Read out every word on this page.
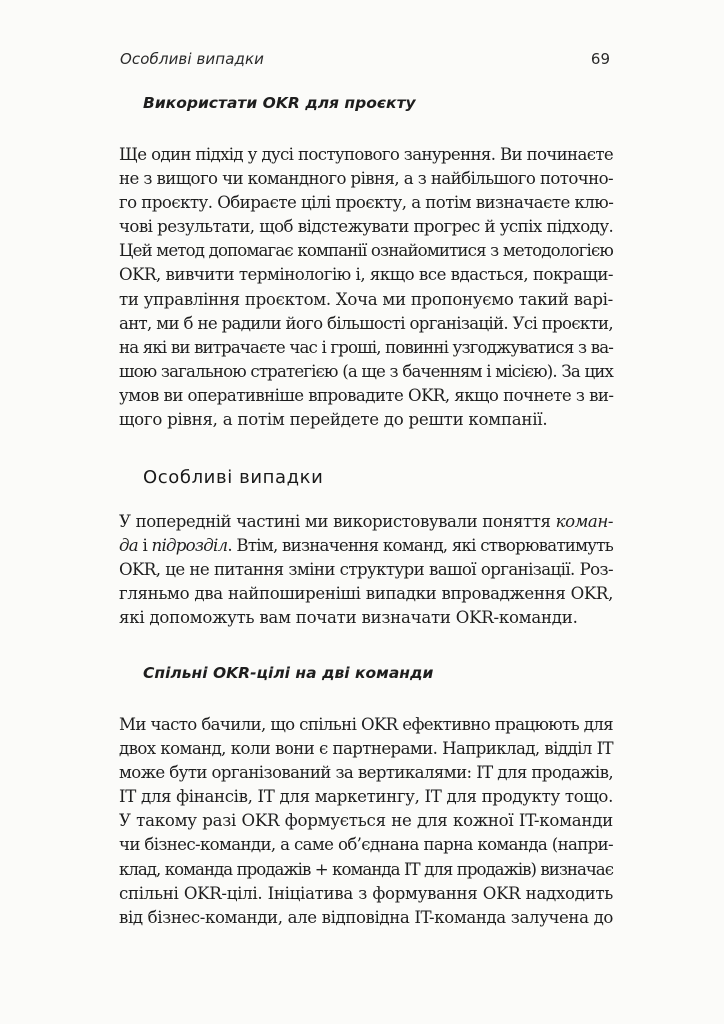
Особливі випадки	69
Використати OKR для проєкту
Ще один підхід у дусі поступового занурення. Ви починаєте
не з вищого чи командного рівня, а з найбільшого поточно-
го проєкту. Обираєте цілі проєкту, а потім визначаєте клю-
чові результати, щоб відстежувати прогрес й успіх підходу.
Цей метод допомагає компанії ознайомитися з методологією
OKR, вивчити термінологію і, якщо все вдасться, покращи-
ти управління проєктом. Хоча ми пропонуємо такий варі-
ант, ми б не радили його більшості організацій. Усі проєкти,
на які ви витрачаєте час і гроші, повинні узгоджуватися з ва-
шою загальною стратегією (а ще з баченням і місією). За цих
умов ви оперативніше впровадите OKR, якщо почнете з ви-
щого рівня, а потім перейдете до решти компанії.
Особливі випадки
У попередній частині ми використовували поняття коман-
да і підрозділ. Втім, визначення команд, які створюватимуть
OKR, це не питання зміни структури вашої організації. Роз-
гляньмо два найпоширеніші випадки впровадження OKR,
які допоможуть вам почати визначати OKR-команди.
Спільні OKR-цілі на дві команди
Ми часто бачили, що спільні OKR ефективно працюють для
двох команд, коли вони є партнерами. Наприклад, відділ IT
може бути організований за вертикалями: IT для продажів,
IT для фінансів, IT для маркетингу, IT для продукту тощо.
У такому разі OKR формується не для кожної IT-команди
чи бізнес-команди, а саме об’єднана парна команда (напри-
клад, команда продажів + команда IT для продажів) визначає
спільні OKR-цілі. Ініціатива з формування OKR надходить
від бізнес-команди, але відповідна IT-команда залучена до
